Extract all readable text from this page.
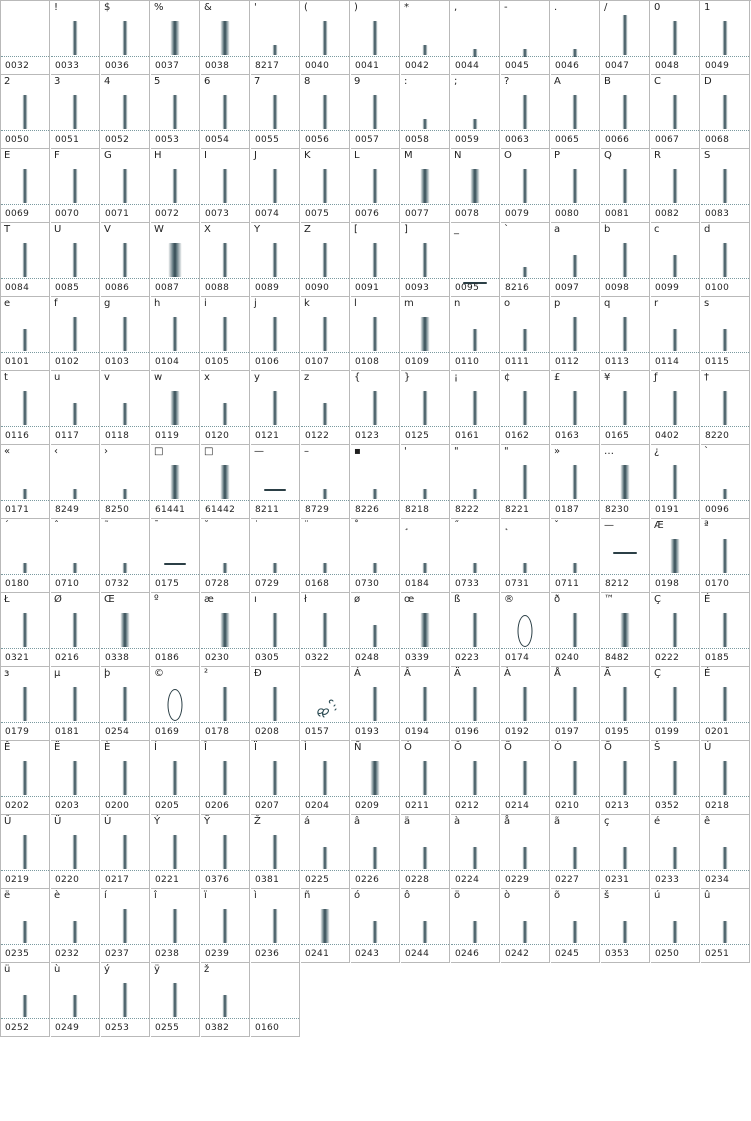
0032
!
0033
$
0036
%
0037
&
0038
'
8217
(
0040
)
0041
*
0042
,
0044
-
0045
.
0046
/
0047
0
0048
1
0049
2
0050
3
0051
4
0052
5
0053
6
0054
7
0055
8
0056
9
0057
:
0058
;
0059
?
0063
A
0065
B
0066
C
0067
D
0068
E
0069
F
0070
G
0071
H
0072
I
0073
J
0074
K
0075
L
0076
M
0077
N
0078
O
0079
P
0080
Q
0081
R
0082
S
0083
T
0084
U
0085
V
0086
W
0087
X
0088
Y
0089
Z
0090
[
0091
]
0093
_
0095
`
8216
a
0097
b
0098
c
0099
d
0100
e
0101
f
0102
g
0103
h
0104
i
0105
j
0106
k
0107
l
0108
m
0109
n
0110
o
0111
p
0112
q
0113
r
0114
s
0115
t
0116
u
0117
v
0118
w
0119
x
0120
y
0121
z
0122
{
0123
}
0125
¡
0161
¢
0162
£
0163
¥
0165
ƒ
0402
†
8220
«
0171
‹
8249
›
8250
□
61441
□
61442
—
8211
–
8729
▪
8226
'
8218
"
8222
"
8221
»
0187
…
8230
¿
0191
`
0096
´
0180
ˆ
0710
˜
0732
¯
0175
˘
0728
˙
0729
¨
0168
˚
0730
¸
0184
˝
0733
˛
0731
ˇ
0711
—
8212
Æ
0198
ª
0170
Ł
0321
Ø
0216
Œ
0338
º
0186
æ
0230
ı
0305
ł
0322
ø
0248
œ
0339
ß
0223
®
0174
ð
0240
™
8482
Ç
0222
É
0185
з
0179
µ
0181
þ
0254
©
0169
²
0178
Ð
0208	0157
Á
0193
Â
0194
Ä
0196
À
0192
Å
0197
Ã
0195
Ç
0199
É
0201
Ê
0202
Ë
0203
È
0200
Í
0205
Î
0206
Ï
0207
Ì
0204
Ñ
0209
Ó
0211
Ô
0212
Ö
0214
Ò
0210
Õ
0213
Š
0352
Ú
0218
Û
0219
Ü
0220
Ù
0217
Ý
0221
Ÿ
0376
Ž
0381
á
0225
â
0226
ä
0228
à
0224
å
0229
ã
0227
ç
0231
é
0233
ê
0234
ë
0235
è
0232
í
0237
î
0238
ï
0239
ì
0236
ñ
0241
ó
0243
ô
0244
ö
0246
ò
0242
õ
0245
š
0353
ú
0250
û
0251
ü
0252
ù
0249
ý
0253
ÿ
0255
ž
0382	0160
